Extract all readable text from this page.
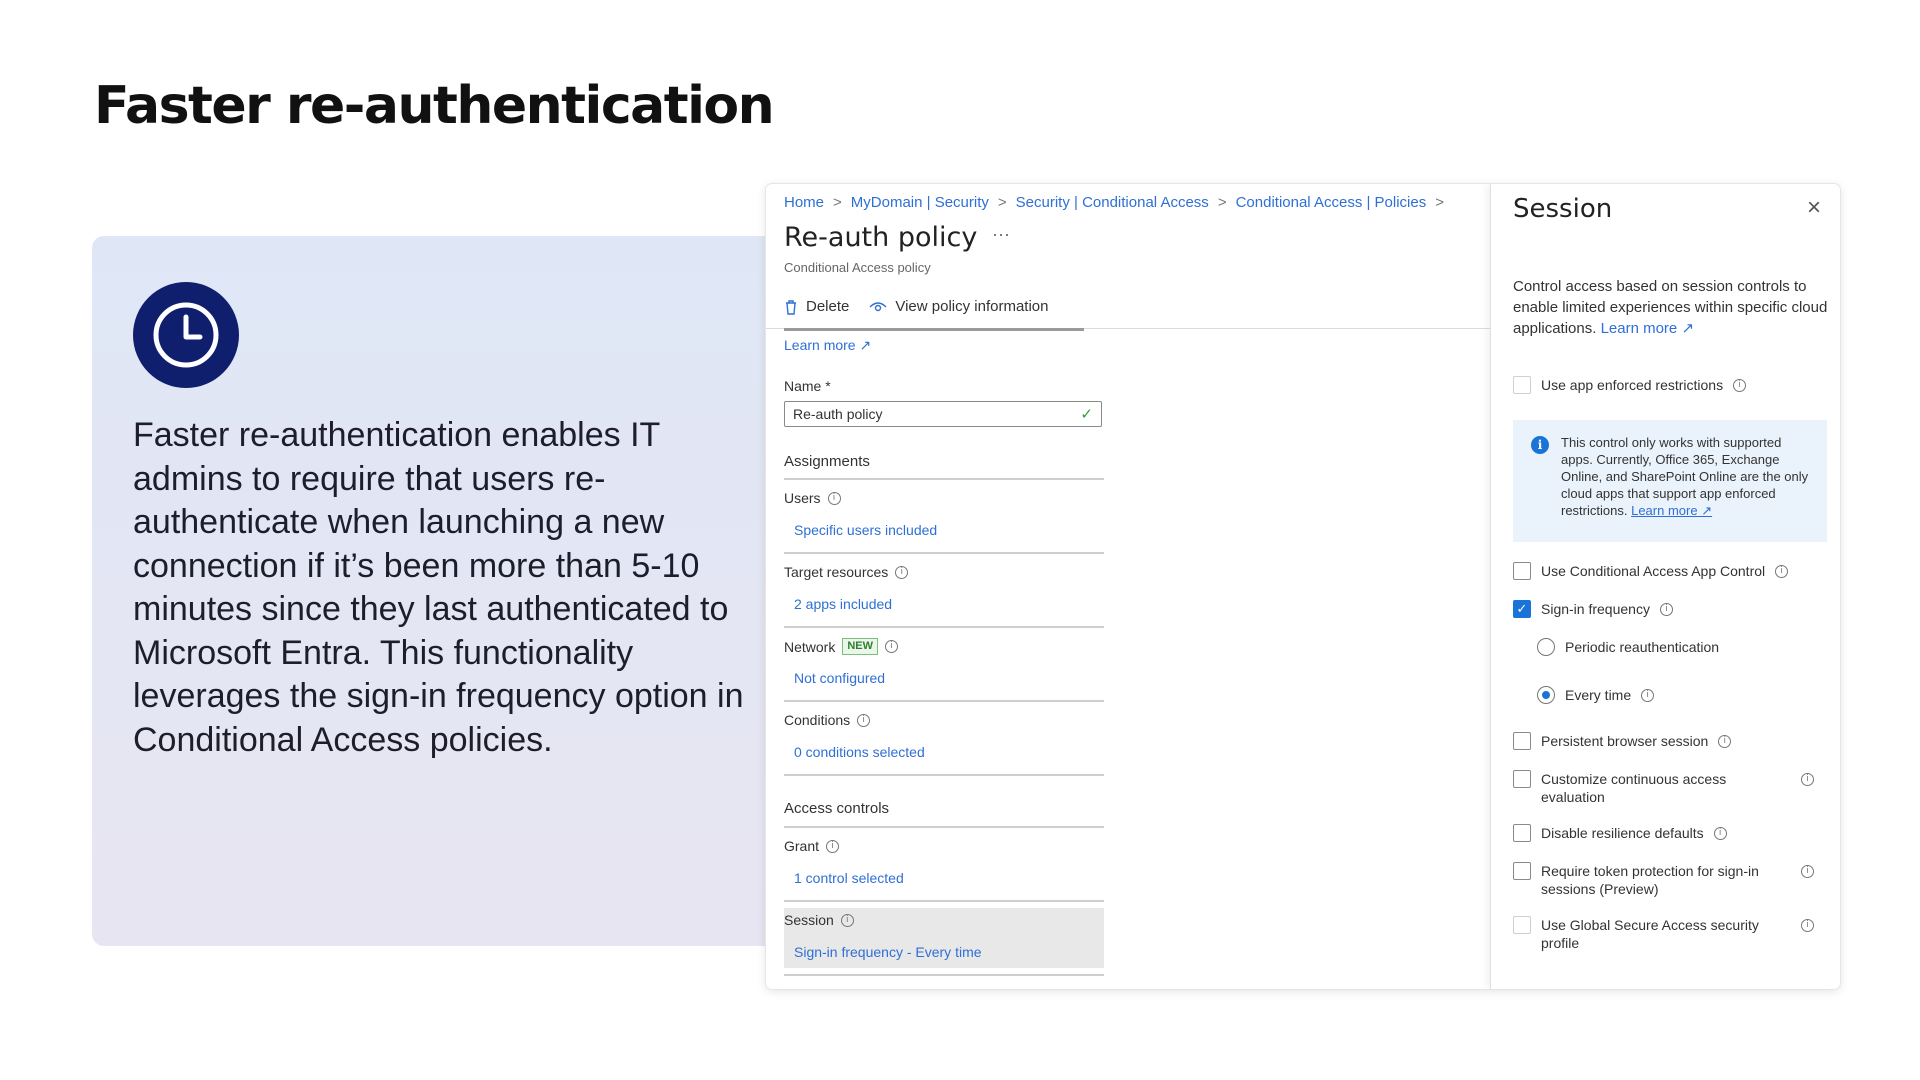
Faster re-authentication

Faster re-authentication enables IT admins to require that users re-authenticate when launching a new connection if it’s been more than 5-10 minutes since they last authenticated to Microsoft Entra. This functionality leverages the sign-in frequency option in Conditional Access policies.

Home > MyDomain | Security > Security | Conditional Access > Conditional Access | Policies >
Re-auth policy ···
Conditional Access policy
Delete	View policy information
Learn more ↗
Name *
Re-auth policy	✓
Assignments
Users	i
Specific users included
Target resources	i
2 apps included
Network	NEW	i
Not configured
Conditions	i
0 conditions selected
Access controls
Grant	i
1 control selected
Session	i
Sign-in frequency - Every time
Session	×
Control access based on session controls to enable limited experiences within specific cloud applications. Learn more ↗
Use app enforced restrictions	i
i	This control only works with supported apps. Currently, Office 365, Exchange Online, and SharePoint Online are the only cloud apps that support app enforced restrictions. Learn more ↗
Use Conditional Access App Control	i
✓ Sign-in frequency	i
Periodic reauthentication
Every time	i
Persistent browser session	i
Customize continuous access evaluation
i
Disable resilience defaults	i
Require token protection for sign-in sessions (Preview)
i
Use Global Secure Access security profile
i
